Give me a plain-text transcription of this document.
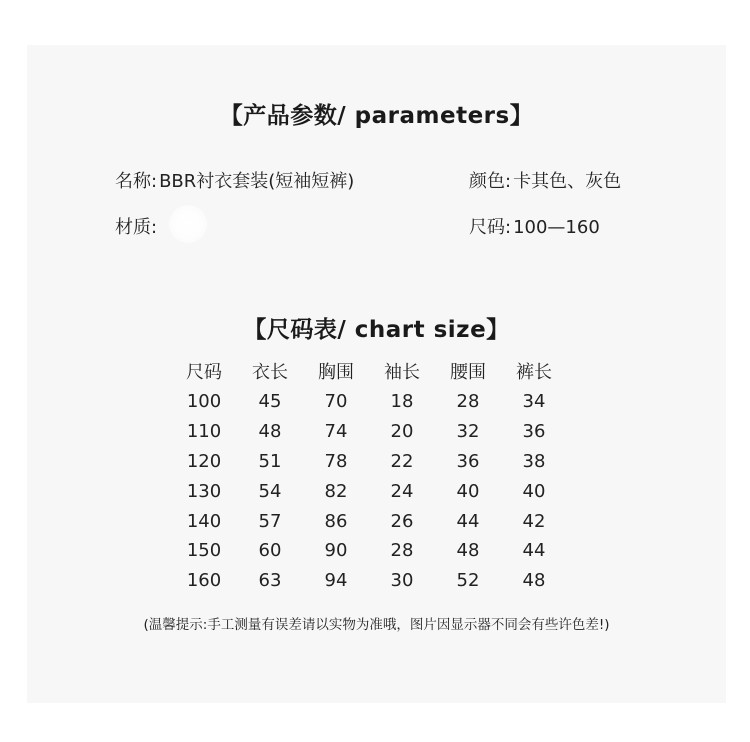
【产品参数/ parameters】
名称: BBR衬衣套装(短袖短裤)	颜色: 卡其色、灰色
材质:	尺码: 100—160
【尺码表/ chart size】
尺码	衣长	胸围	袖长	腰围	裤长
100	45	70	18	28	34
110	48	74	20	32	36
120	51	78	22	36	38
130	54	82	24	40	40
140	57	86	26	44	42
150	60	90	28	48	44
160	63	94	30	52	48
(温馨提示:手工测量有误差请以实物为准哦，图片因显示器不同会有些许色差!)
